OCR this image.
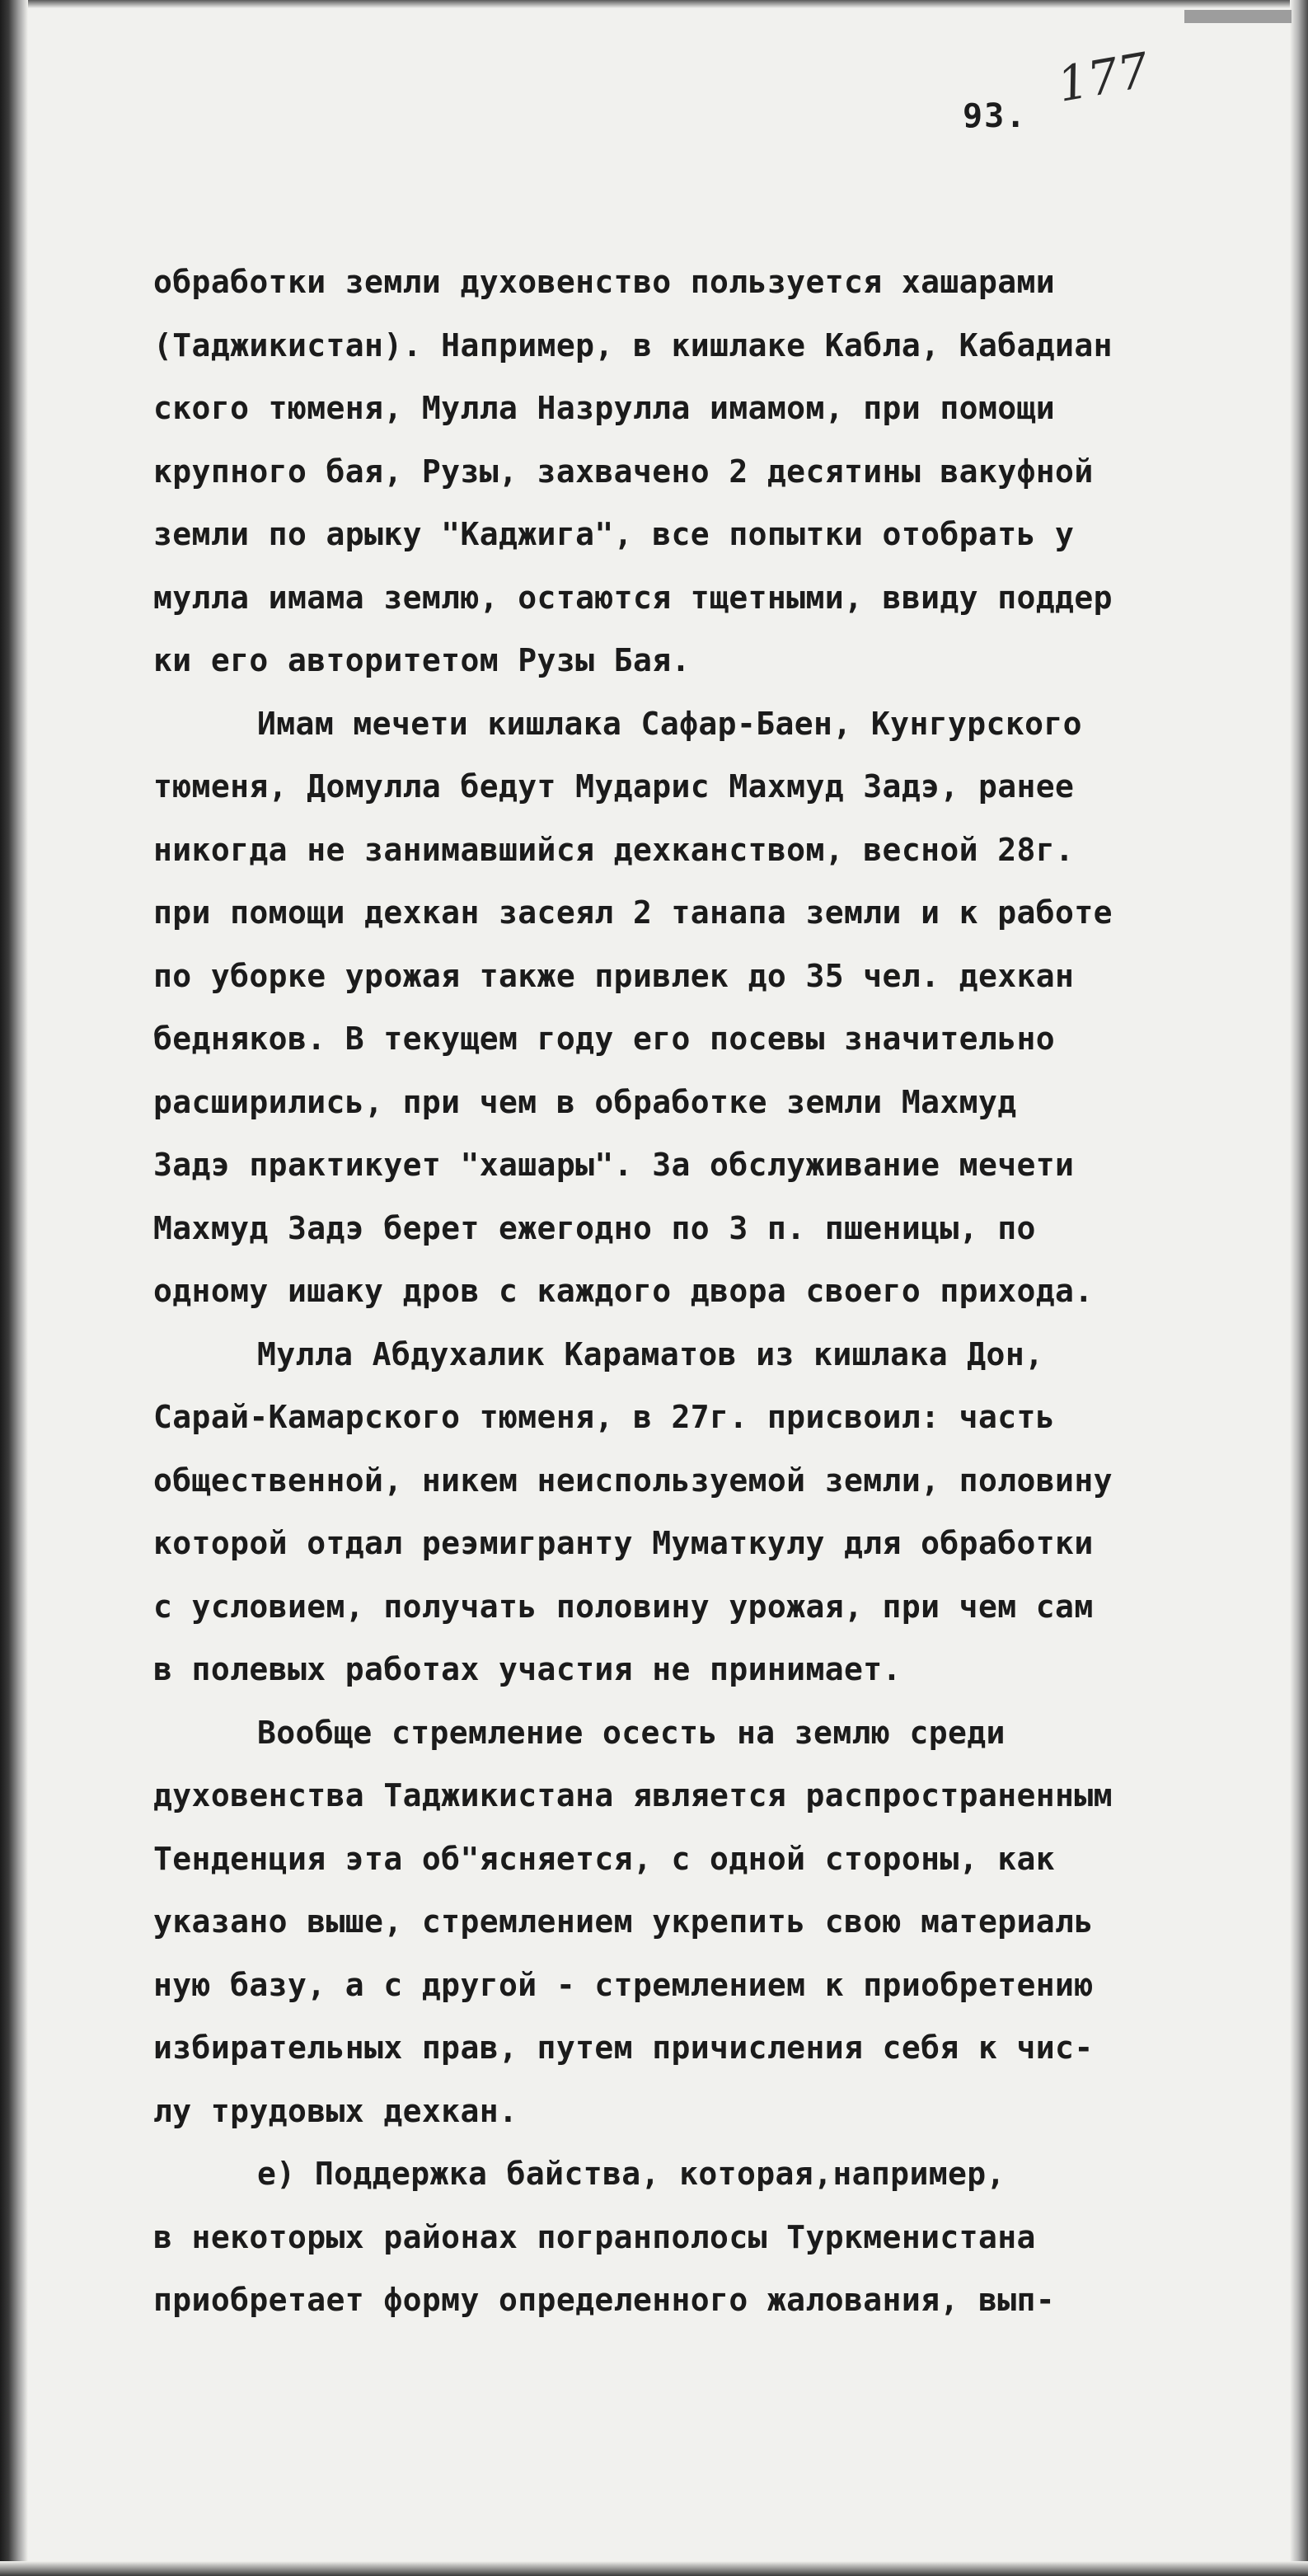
177
93.
обработки земли духовенство пользуется хашарами
(Таджикистан). Например, в кишлаке Кабла, Кабадиан
ского тюменя, Мулла Назрулла имамом, при помощи
крупного бая, Рузы, захвачено 2 десятины вакуфной
земли по арыку "Каджига", все попытки отобрать у
мулла имама землю, остаются тщетными, ввиду поддер
ки его авторитетом Рузы Бая.
Имам мечети кишлака Сафар-Баен, Кунгурского
тюменя, Домулла бедут Мударис Махмуд Задэ, ранее
никогда не занимавшийся дехканством, весной 28г.
при помощи дехкан засеял 2 танапа земли и к работе
по уборке урожая также привлек до 35 чел. дехкан
бедняков. В текущем году его посевы значительно
расширились, при чем в обработке земли Махмуд
Задэ практикует "хашары". За обслуживание мечети
Махмуд Задэ берет ежегодно по 3 п. пшеницы, по
одному ишаку дров с каждого двора своего прихода.
Мулла Абдухалик Караматов из кишлака Дон,
Сарай-Камарского тюменя, в 27г. присвоил: часть
общественной, никем неиспользуемой земли, половину
которой отдал реэмигранту Муматкулу для обработки
с условием, получать половину урожая, при чем сам
в полевых работах участия не принимает.
Вообще стремление осесть на землю среди
духовенства Таджикистана является распространенным
Тенденция эта об"ясняется, с одной стороны, как
указано выше, стремлением укрепить свою материаль
ную базу, а с другой - стремлением к приобретению
избирательных прав, путем причисления себя к чис-
лу трудовых дехкан.
е) Поддержка байства, которая,например,
в некоторых районах погранполосы Туркменистана
приобретает форму определенного жалования, вып-
